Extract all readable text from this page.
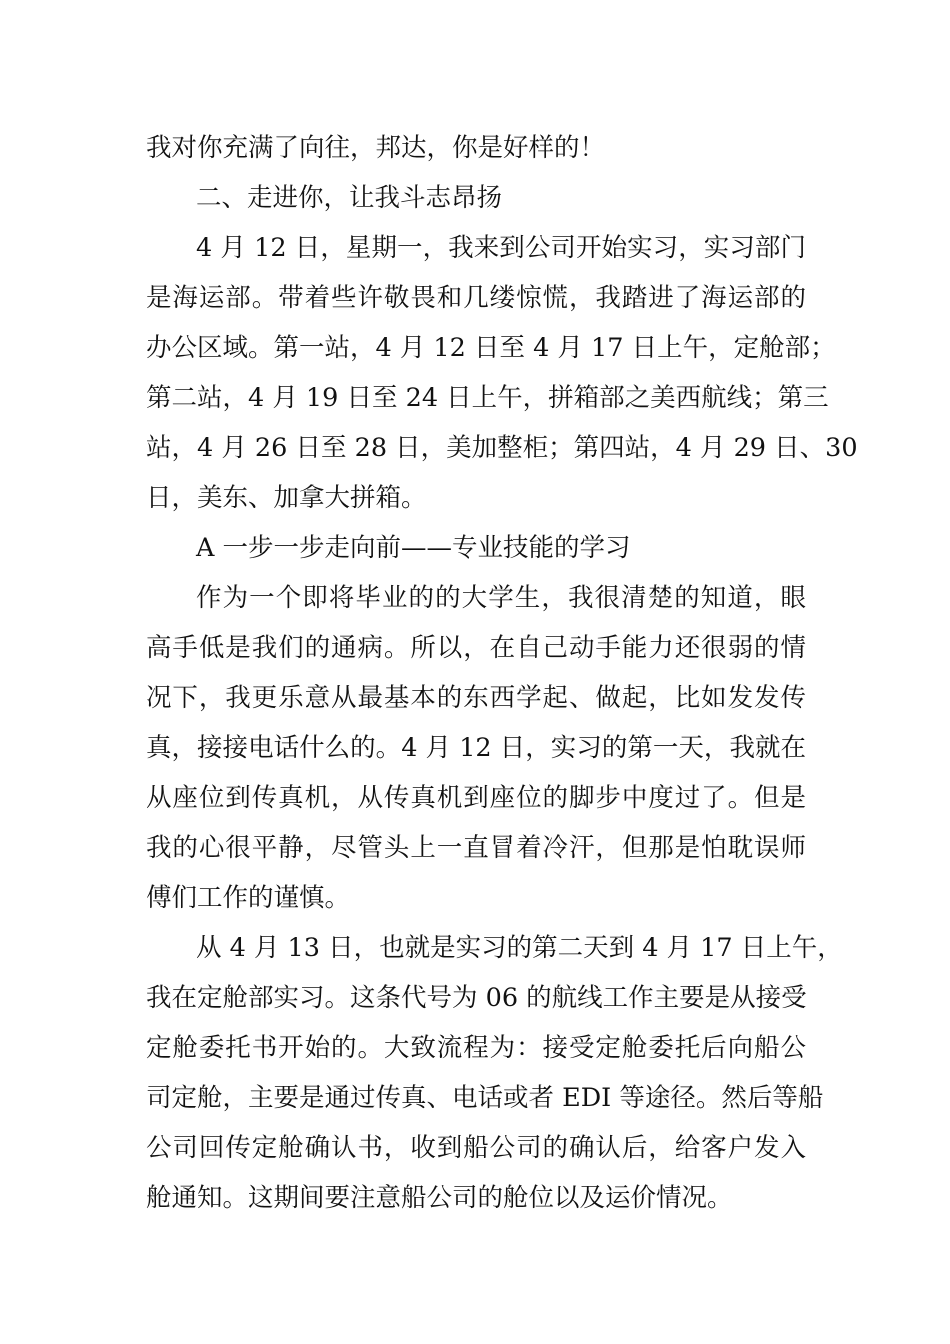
我对你充满了向往，邦达，你是好样的！
二、走进你，让我斗志昂扬
4 月 12 日，星期一，我来到公司开始实习，实习部门
是海运部。带着些许敬畏和几缕惊慌，我踏进了海运部的
办公区域。第一站，4 月 12 日至 4 月 17 日上午，定舱部；
第二站，4 月 19 日至 24 日上午，拼箱部之美西航线；第三
站，4 月 26 日至 28 日，美加整柜；第四站，4 月 29 日、30
日，美东、加拿大拼箱。
A 一步一步走向前——专业技能的学习
作为一个即将毕业的的大学生，我很清楚的知道，眼
高手低是我们的通病。所以，在自己动手能力还很弱的情
况下，我更乐意从最基本的东西学起、做起，比如发发传
真，接接电话什么的。4 月 12 日，实习的第一天，我就在
从座位到传真机，从传真机到座位的脚步中度过了。但是
我的心很平静，尽管头上一直冒着冷汗，但那是怕耽误师
傅们工作的谨慎。
从 4 月 13 日，也就是实习的第二天到 4 月 17 日上午，
我在定舱部实习。这条代号为 06 的航线工作主要是从接受
定舱委托书开始的。大致流程为：接受定舱委托后向船公
司定舱，主要是通过传真、电话或者 EDI 等途径。然后等船
公司回传定舱确认书，收到船公司的确认后，给客户发入
舱通知。这期间要注意船公司的舱位以及运价情况。
